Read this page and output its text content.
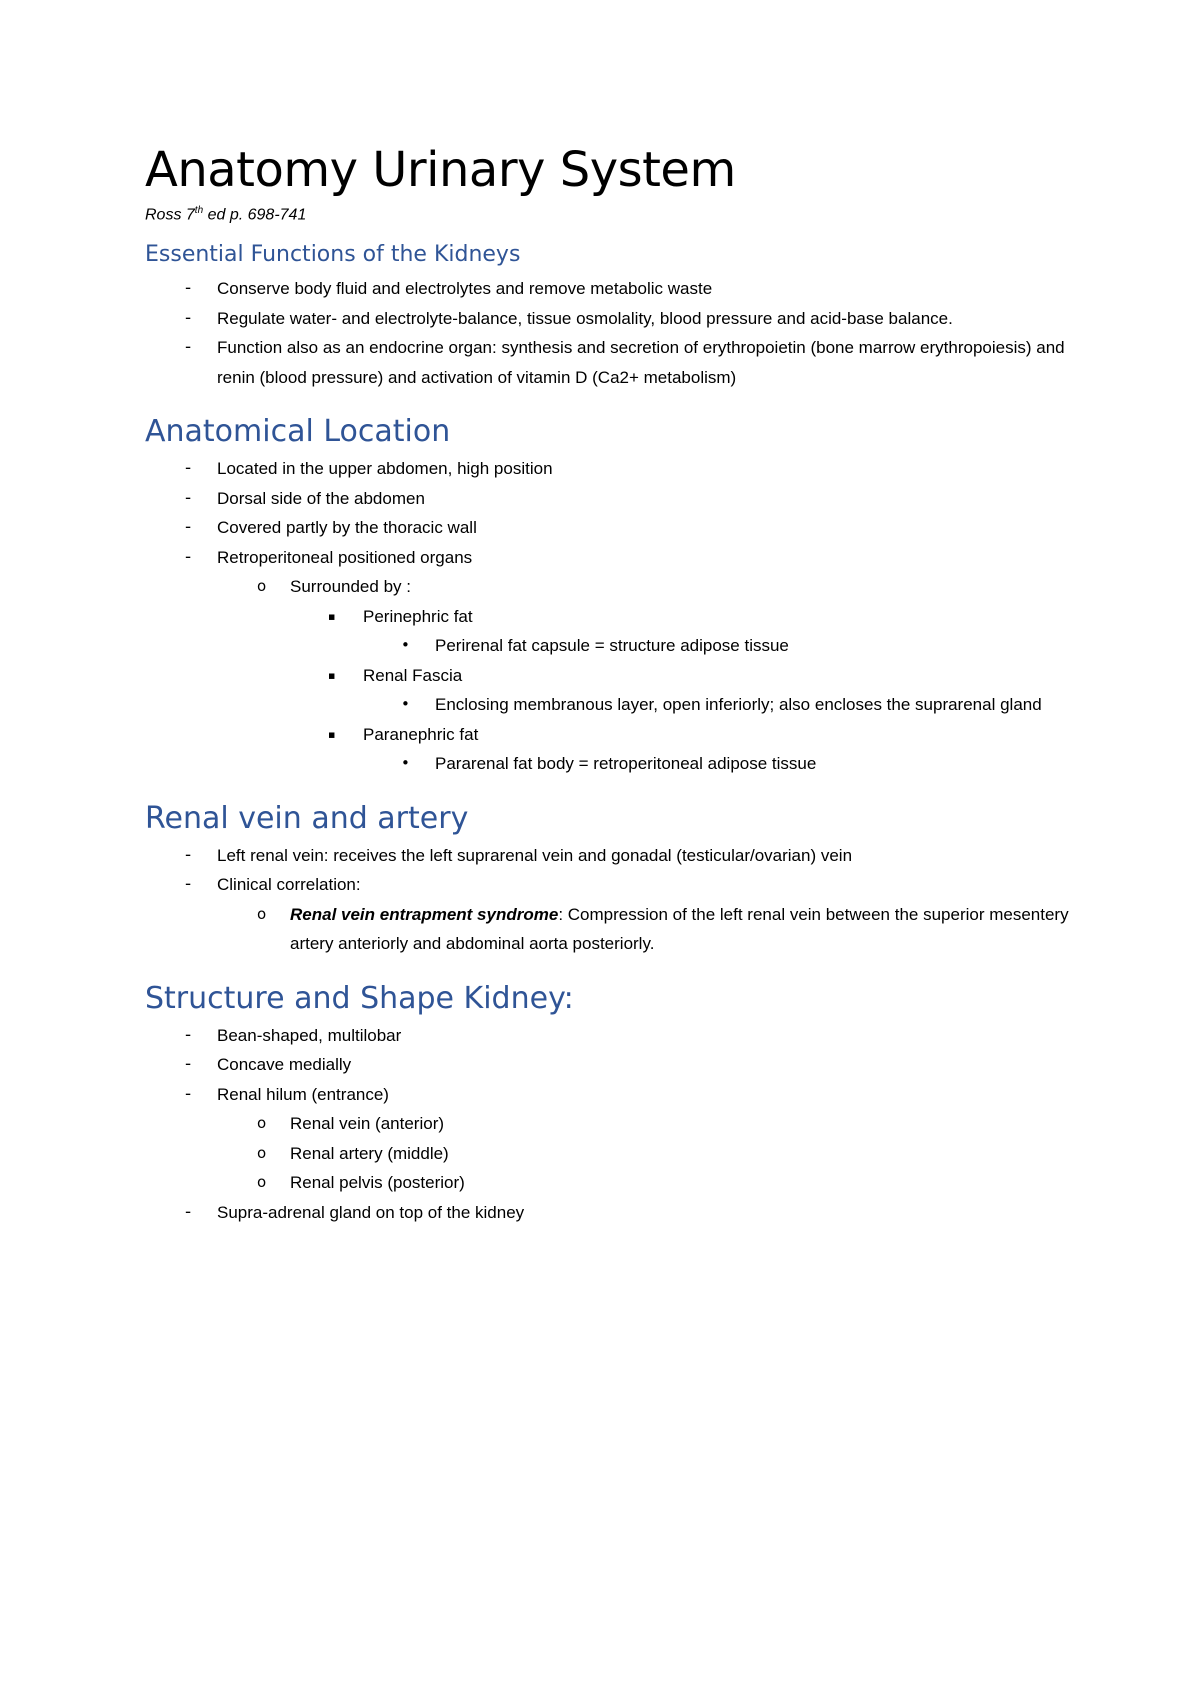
Anatomy Urinary System

Ross 7th ed p. 698-741

Essential Functions of the Kidneys
- Conserve body fluid and electrolytes and remove metabolic waste
- Regulate water- and electrolyte-balance, tissue osmolality, blood pressure and acid-base balance.
- Function also as an endocrine organ: synthesis and secretion of erythropoietin (bone marrow erythropoiesis) and renin (blood pressure) and activation of vitamin D (Ca2+ metabolism)
Anatomical Location
- Located in the upper abdomen, high position
- Dorsal side of the abdomen
- Covered partly by the thoracic wall
- Retroperitoneal positioned organs
o Surrounded by :
▪ Perinephric fat
• Perirenal fat capsule = structure adipose tissue
▪ Renal Fascia
• Enclosing membranous layer, open inferiorly; also encloses the suprarenal gland
▪ Paranephric fat
• Pararenal fat body = retroperitoneal adipose tissue
Renal vein and artery
- Left renal vein: receives the left suprarenal vein and gonadal (testicular/ovarian) vein
- Clinical correlation:
o Renal vein entrapment syndrome: Compression of the left renal vein between the superior mesentery artery anteriorly and abdominal aorta posteriorly.
Structure and Shape Kidney:
- Bean-shaped, multilobar
- Concave medially
- Renal hilum (entrance)
o Renal vein (anterior)
o Renal artery (middle)
o Renal pelvis (posterior)
- Supra-adrenal gland on top of the kidney
